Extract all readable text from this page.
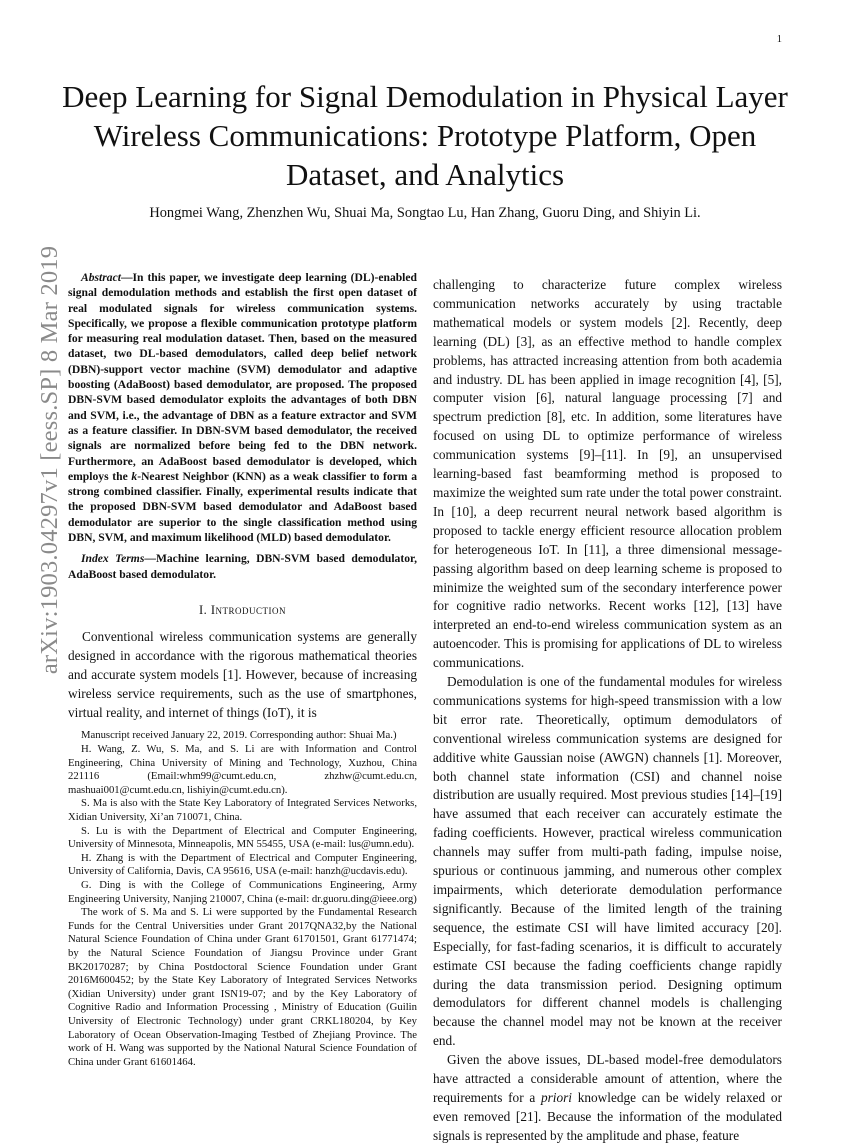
1
arXiv:1903.04297v1 [eess.SP] 8 Mar 2019
Deep Learning for Signal Demodulation in Physical Layer Wireless Communications: Prototype Platform, Open Dataset, and Analytics
Hongmei Wang, Zhenzhen Wu, Shuai Ma, Songtao Lu, Han Zhang, Guoru Ding, and Shiyin Li.

Abstract—In this paper, we investigate deep learning (DL)-enabled signal demodulation methods and establish the first open dataset of real modulated signals for wireless communication systems. Specifically, we propose a flexible communication prototype platform for measuring real modulation dataset. Then, based on the measured dataset, two DL-based demodulators, called deep belief network (DBN)-support vector machine (SVM) demodulator and adaptive boosting (AdaBoost) based demodulator, are proposed. The proposed DBN-SVM based demodulator exploits the advantages of both DBN and SVM, i.e., the advantage of DBN as a feature extractor and SVM as a feature classifier. In DBN-SVM based demodulator, the received signals are normalized before being fed to the DBN network. Furthermore, an AdaBoost based demodulator is developed, which employs the k-Nearest Neighbor (KNN) as a weak classifier to form a strong combined classifier. Finally, experimental results indicate that the proposed DBN-SVM based demodulator and AdaBoost based demodulator are superior to the single classification method using DBN, SVM, and maximum likelihood (MLD) based demodulator.

Index Terms—Machine learning, DBN-SVM based demodulator, AdaBoost based demodulator.

I. Introduction

Conventional wireless communication systems are generally designed in accordance with the rigorous mathematical theories and accurate system models [1]. However, because of increasing wireless service requirements, such as the use of smartphones, virtual reality, and internet of things (IoT), it is

Manuscript received January 22, 2019. Corresponding author: Shuai Ma.)

H. Wang, Z. Wu, S. Ma, and S. Li are with Information and Control Engineering, China University of Mining and Technology, Xuzhou, China 221116 (Email:whm99@cumt.edu.cn, zhzhw@cumt.edu.cn, mashuai001@cumt.edu.cn, lishiyin@cumt.edu.cn).

S. Ma is also with the State Key Laboratory of Integrated Services Networks, Xidian University, Xi’an 710071, China.

S. Lu is with the Department of Electrical and Computer Engineering, University of Minnesota, Minneapolis, MN 55455, USA (e-mail: lus@umn.edu).

H. Zhang is with the Department of Electrical and Computer Engineering, University of California, Davis, CA 95616, USA (e-mail: hanzh@ucdavis.edu).

G. Ding is with the College of Communications Engineering, Army Engineering University, Nanjing 210007, China (e-mail: dr.guoru.ding@ieee.org)

The work of S. Ma and S. Li were supported by the Fundamental Research Funds for the Central Universities under Grant 2017QNA32,by the National Natural Science Foundation of China under Grant 61701501, Grant 61771474; by the Natural Science Foundation of Jiangsu Province under Grant BK20170287; by China Postdoctoral Science Foundation under Grant 2016M600452; by the State Key Laboratory of Integrated Services Networks (Xidian University) under grant ISN19-07; and by the Key Laboratory of Cognitive Radio and Information Processing , Ministry of Education (Guilin University of Electronic Technology) under grant CRKL180204, by Key Laboratory of Ocean Observation-Imaging Testbed of Zhejiang Province. The work of H. Wang was supported by the National Natural Science Foundation of China under Grant 61601464.

challenging to characterize future complex wireless communication networks accurately by using tractable mathematical models or system models [2]. Recently, deep learning (DL) [3], as an effective method to handle complex problems, has attracted increasing attention from both academia and industry. DL has been applied in image recognition [4], [5], computer vision [6], natural language processing [7] and spectrum prediction [8], etc. In addition, some literatures have focused on using DL to optimize performance of wireless communication systems [9]–[11]. In [9], an unsupervised learning-based fast beamforming method is proposed to maximize the weighted sum rate under the total power constraint. In [10], a deep recurrent neural network based algorithm is proposed to tackle energy efficient resource allocation problem for heterogeneous IoT. In [11], a three dimensional message-passing algorithm based on deep learning scheme is proposed to minimize the weighted sum of the secondary interference power for cognitive radio networks. Recent works [12], [13] have interpreted an end-to-end wireless communication system as an autoencoder. This is promising for applications of DL to wireless communications.

Demodulation is one of the fundamental modules for wireless communications systems for high-speed transmission with a low bit error rate. Theoretically, optimum demodulators of conventional wireless communication systems are designed for additive white Gaussian noise (AWGN) channels [1]. Moreover, both channel state information (CSI) and channel noise distribution are usually required. Most previous studies [14]–[19] have assumed that each receiver can accurately estimate the fading coefficients. However, practical wireless communication channels may suffer from multi-path fading, impulse noise, spurious or continuous jamming, and numerous other complex impairments, which deteriorate demodulation performance significantly. Because of the limited length of the training sequence, the estimate CSI will have limited accuracy [20]. Especially, for fast-fading scenarios, it is difficult to accurately estimate CSI because the fading coefficients change rapidly during the data transmission period. Designing optimum demodulators for different channel models is challenging because the channel model may not be known at the receiver end.

Given the above issues, DL-based model-free demodulators have attracted a considerable amount of attention, where the requirements for a priori knowledge can be widely relaxed or even removed [21]. Because the information of the modulated signals is represented by the amplitude and phase, feature
